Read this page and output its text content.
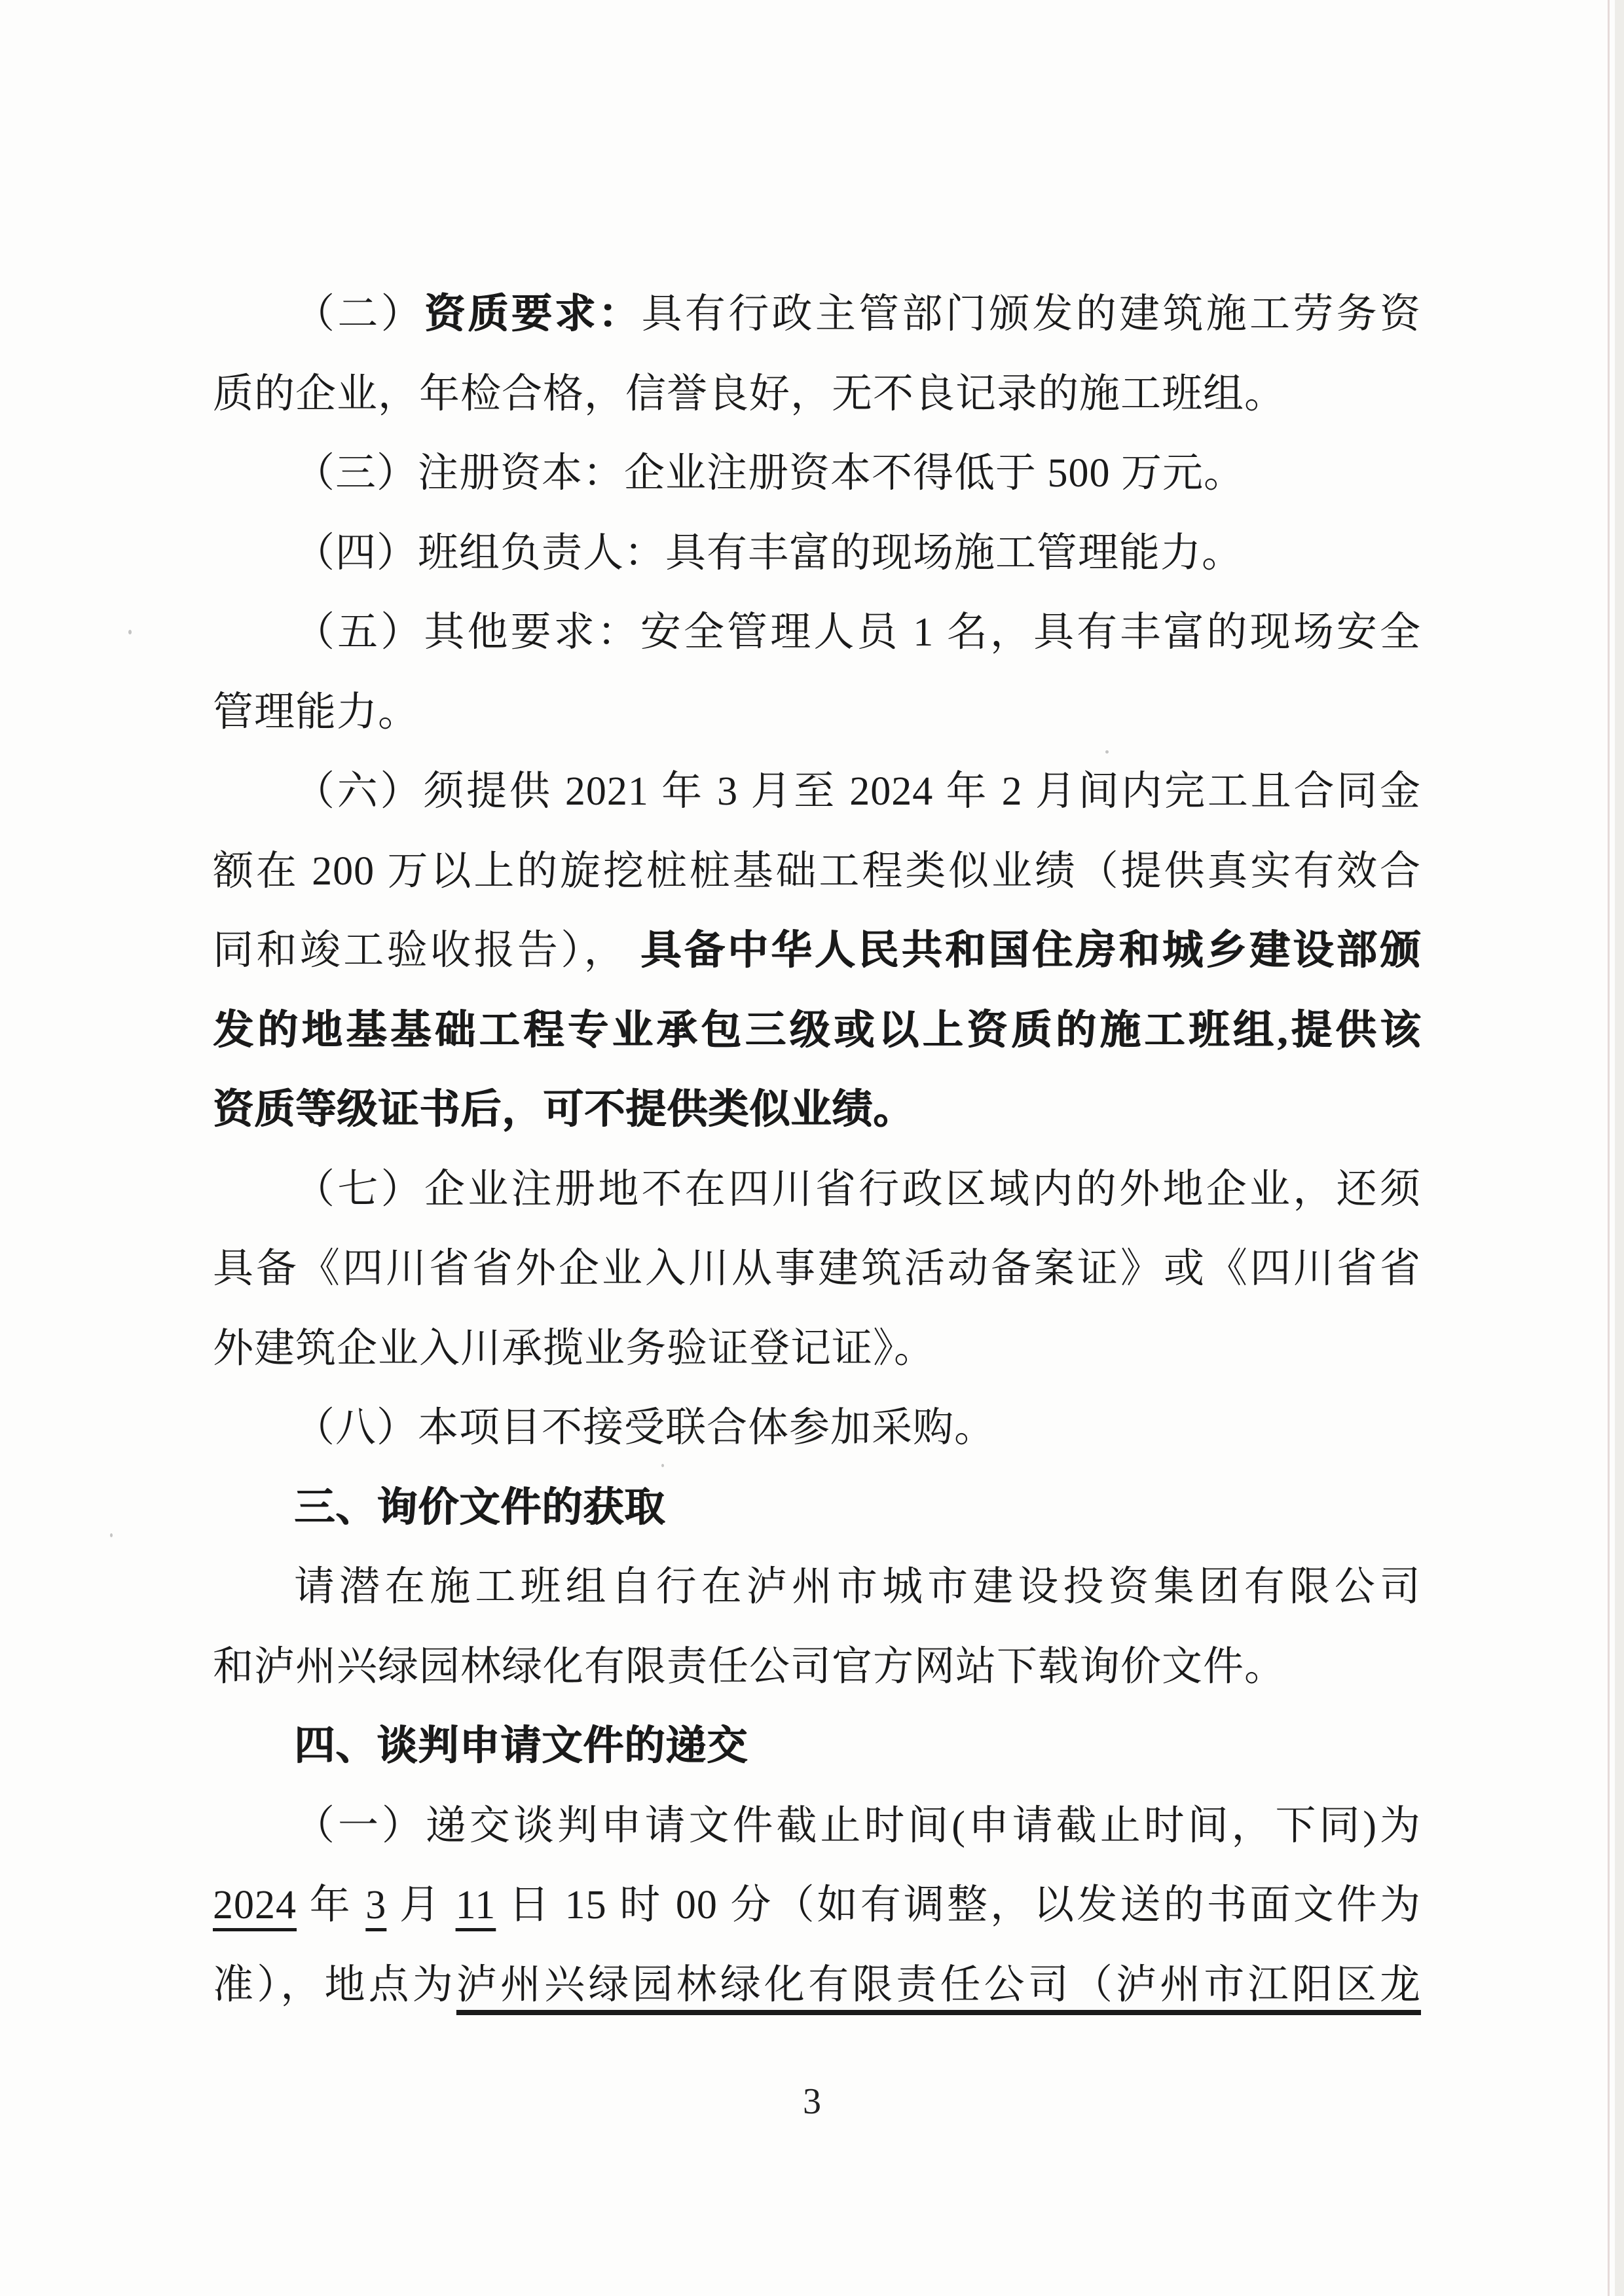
（二）资质要求：具有行政主管部门颁发的建筑施工劳务资
质的企业，年检合格，信誉良好，无不良记录的施工班组。
（三）注册资本：企业注册资本不得低于 500 万元。
（四）班组负责人：具有丰富的现场施工管理能力。
（五）其他要求：安全管理人员 1 名，具有丰富的现场安全
管理能力。
（六）须提供 2021 年 3 月至 2024 年 2 月间内完工且合同金
额在 200 万以上的旋挖桩桩基础工程类似业绩（提供真实有效合
同和竣工验收报告）， 具备中华人民共和国住房和城乡建设部颁
发的地基基础工程专业承包三级或以上资质的施工班组,提供该
资质等级证书后，可不提供类似业绩。
（七）企业注册地不在四川省行政区域内的外地企业，还须
具备《四川省省外企业入川从事建筑活动备案证》或《四川省省
外建筑企业入川承揽业务验证登记证》。
（八）本项目不接受联合体参加采购。
三、询价文件的获取
请潜在施工班组自行在泸州市城市建设投资集团有限公司
和泸州兴绿园林绿化有限责任公司官方网站下载询价文件。
四、谈判申请文件的递交
（一）递交谈判申请文件截止时间(申请截止时间，下同)为
2024 年 3 月 11 日 15 时 00 分（如有调整，以发送的书面文件为
准），地点为泸州兴绿园林绿化有限责任公司（泸州市江阳区龙
3
